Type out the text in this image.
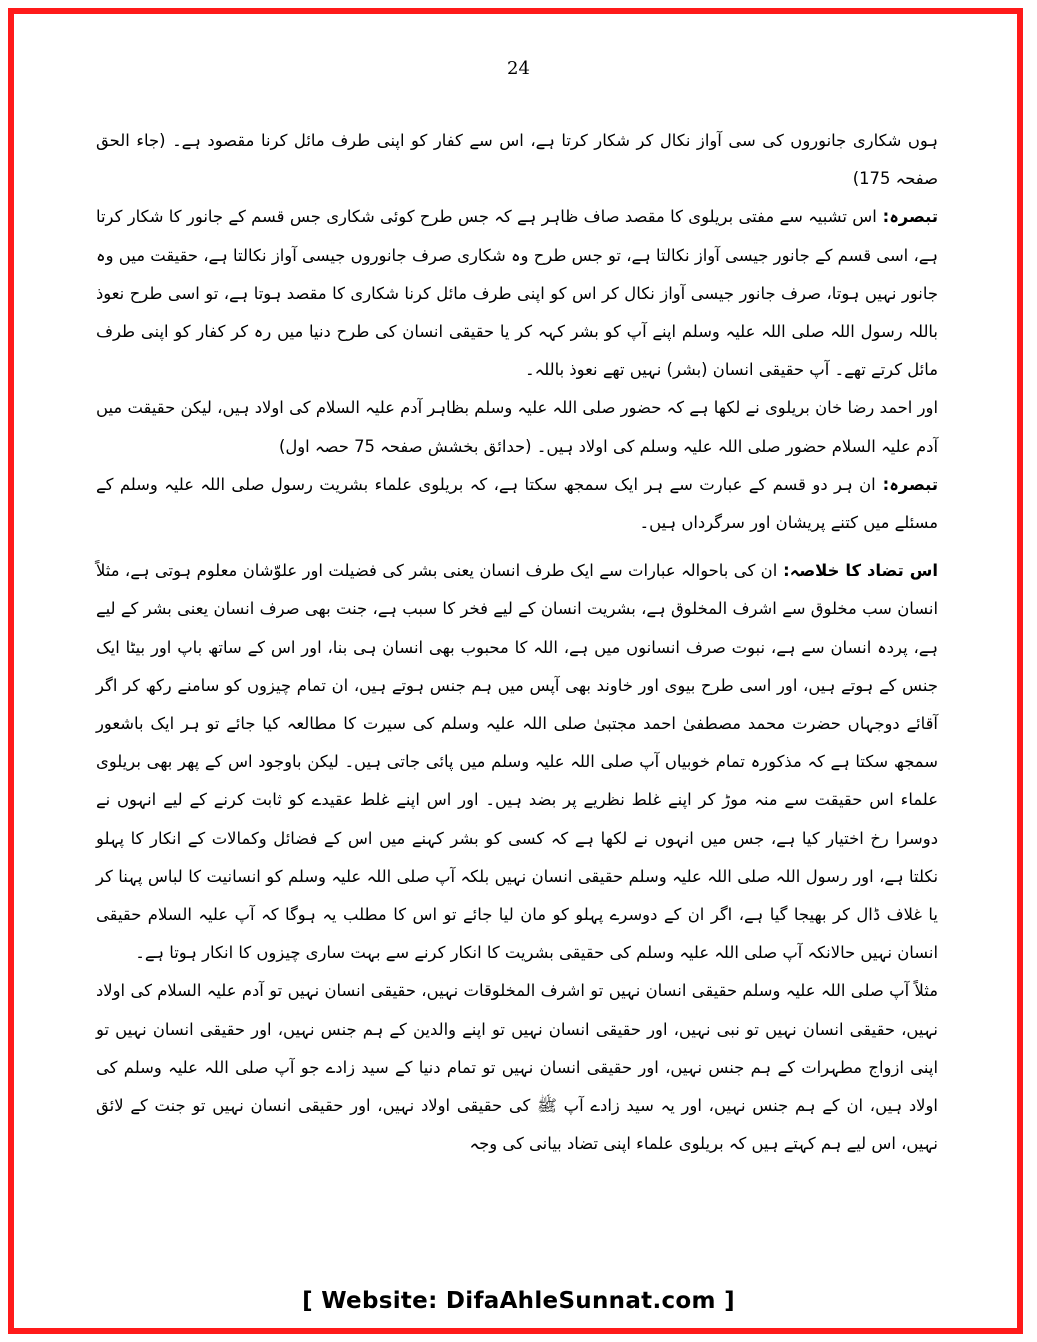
24

ہوں شکاری جانوروں کی سی آواز نکال کر شکار کرتا ہے، اس سے کفار کو اپنی طرف مائل کرنا مقصود ہے۔ (جاء الحق صفحہ 175)

تبصرہ: اس تشبیہ سے مفتی بریلوی کا مقصد صاف ظاہر ہے کہ جس طرح کوئی شکاری جس قسم کے جانور کا شکار کرتا ہے، اسی قسم کے جانور جیسی آواز نکالتا ہے، تو جس طرح وہ شکاری صرف جانوروں جیسی آواز نکالتا ہے، حقیقت میں وہ جانور نہیں ہوتا، صرف جانور جیسی آواز نکال کر اس کو اپنی طرف مائل کرنا شکاری کا مقصد ہوتا ہے، تو اسی طرح نعوذ باللہ رسول اللہ صلی اللہ علیہ وسلم اپنے آپ کو بشر کہہ کر یا حقیقی انسان کی طرح دنیا میں رہ کر کفار کو اپنی طرف مائل کرتے تھے۔ آپ حقیقی انسان (بشر) نہیں تھے نعوذ باللہ۔

اور احمد رضا خان بریلوی نے لکھا ہے کہ حضور صلی اللہ علیہ وسلم بظاہر آدم علیہ السلام کی اولاد ہیں، لیکن حقیقت میں آدم علیہ السلام حضور صلی اللہ علیہ وسلم کی اولاد ہیں۔ (حدائق بخشش صفحہ 75 حصہ اول)

تبصرہ: ان ہر دو قسم کے عبارت سے ہر ایک سمجھ سکتا ہے، کہ بریلوی علماء بشریت رسول صلی اللہ علیہ وسلم کے مسئلے میں کتنے پریشان اور سرگرداں ہیں۔

اس تضاد کا خلاصہ: ان کی باحوالہ عبارات سے ایک طرف انسان یعنی بشر کی فضیلت اور علوّشان معلوم ہوتی ہے، مثلاً انسان سب مخلوق سے اشرف المخلوق ہے، بشریت انسان کے لیے فخر کا سبب ہے، جنت بھی صرف انسان یعنی بشر کے لیے ہے، پردہ انسان سے ہے، نبوت صرف انسانوں میں ہے، اللہ کا محبوب بھی انسان ہی بنا، اور اس کے ساتھ باپ اور بیٹا ایک جنس کے ہوتے ہیں، اور اسی طرح بیوی اور خاوند بھی آپس میں ہم جنس ہوتے ہیں، ان تمام چیزوں کو سامنے رکھ کر اگر آقائے دوجہاں حضرت محمد مصطفیٰ احمد مجتبیٰ صلی اللہ علیہ وسلم کی سیرت کا مطالعہ کیا جائے تو ہر ایک باشعور سمجھ سکتا ہے کہ مذکورہ تمام خوبیاں آپ صلی اللہ علیہ وسلم میں پائی جاتی ہیں۔ لیکن باوجود اس کے پھر بھی بریلوی علماء اس حقیقت سے منہ موڑ کر اپنے غلط نظریے پر بضد ہیں۔ اور اس اپنے غلط عقیدے کو ثابت کرنے کے لیے انہوں نے دوسرا رخ اختیار کیا ہے، جس میں انہوں نے لکھا ہے کہ کسی کو بشر کہنے میں اس کے فضائل وکمالات کے انکار کا پہلو نکلتا ہے، اور رسول اللہ صلی اللہ علیہ وسلم حقیقی انسان نہیں بلکہ آپ صلی اللہ علیہ وسلم کو انسانیت کا لباس پہنا کر یا غلاف ڈال کر بھیجا گیا ہے، اگر ان کے دوسرے پہلو کو مان لیا جائے تو اس کا مطلب یہ ہوگا کہ آپ علیہ السلام حقیقی انسان نہیں حالانکہ آپ صلی اللہ علیہ وسلم کی حقیقی بشریت کا انکار کرنے سے بہت ساری چیزوں کا انکار ہوتا ہے۔

مثلاً آپ صلی اللہ علیہ وسلم حقیقی انسان نہیں تو اشرف المخلوقات نہیں، حقیقی انسان نہیں تو آدم علیہ السلام کی اولاد نہیں، حقیقی انسان نہیں تو نبی نہیں، اور حقیقی انسان نہیں تو اپنے والدین کے ہم جنس نہیں، اور حقیقی انسان نہیں تو اپنی ازواج مطہرات کے ہم جنس نہیں، اور حقیقی انسان نہیں تو تمام دنیا کے سید زادے جو آپ صلی اللہ علیہ وسلم کی اولاد ہیں، ان کے ہم جنس نہیں، اور یہ سید زادے آپ ﷺ کی حقیقی اولاد نہیں، اور حقیقی انسان نہیں تو جنت کے لائق نہیں، اس لیے ہم کہتے ہیں کہ بریلوی علماء اپنی تضاد بیانی کی وجہ

[ Website: DifaAhleSunnat.com ]
